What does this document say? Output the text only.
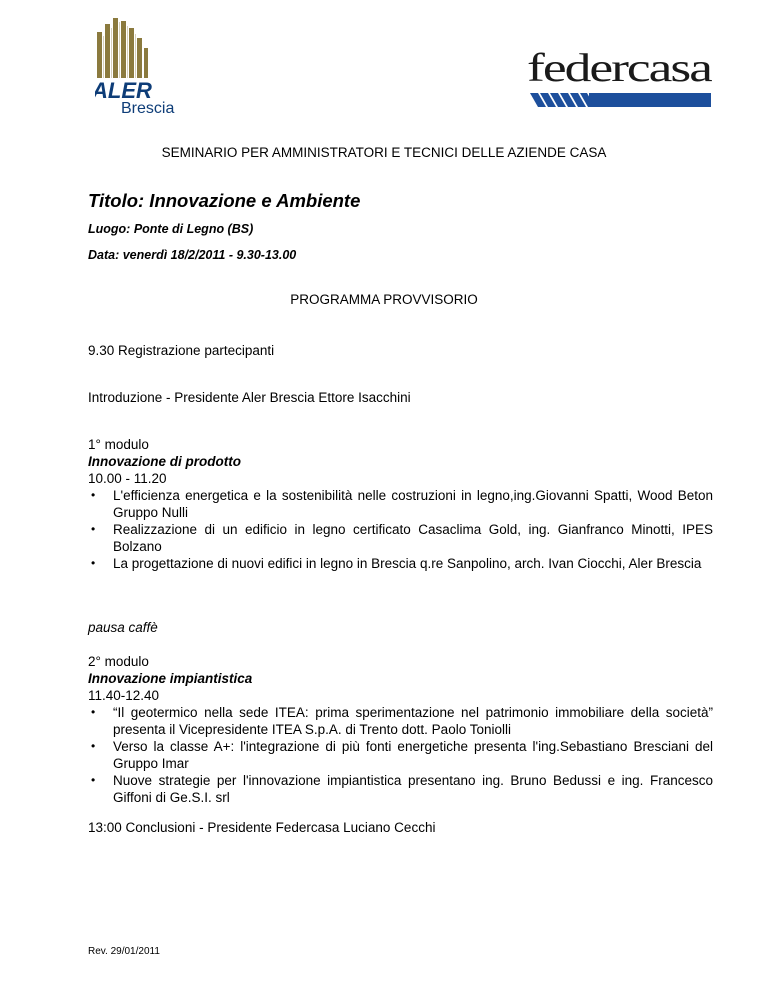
ALER
Brescia
federcasa
SEMINARIO PER AMMINISTRATORI E TECNICI DELLE AZIENDE CASA
Titolo: Innovazione e Ambiente
Luogo: Ponte di Legno (BS)
Data: venerdì 18/2/2011 - 9.30-13.00
PROGRAMMA PROVVISORIO
9.30 Registrazione partecipanti
Introduzione - Presidente Aler Brescia Ettore Isacchini
1° modulo
Innovazione di prodotto
10.00 - 11.20
• L'efficienza energetica e la sostenibilità nelle costruzioni in legno,ing.Giovanni Spatti, Wood Beton Gruppo Nulli
• Realizzazione di un edificio in legno certificato Casaclima Gold, ing. Gianfranco Minotti, IPES Bolzano
• La progettazione di nuovi edifici in legno in Brescia q.re Sanpolino, arch. Ivan Ciocchi, Aler Brescia
pausa caffè
2° modulo
Innovazione impiantistica
11.40-12.40
• “Il geotermico nella sede ITEA: prima sperimentazione nel patrimonio immobiliare della società” presenta il Vicepresidente ITEA S.p.A. di Trento dott. Paolo Toniolli
• Verso la classe A+: l'integrazione di più fonti energetiche presenta l'ing.Sebastiano Bresciani del Gruppo Imar
• Nuove strategie per l'innovazione impiantistica presentano ing. Bruno Bedussi e ing. Francesco Giffoni di Ge.S.I. srl
13:00 Conclusioni - Presidente Federcasa Luciano Cecchi
Rev. 29/01/2011
